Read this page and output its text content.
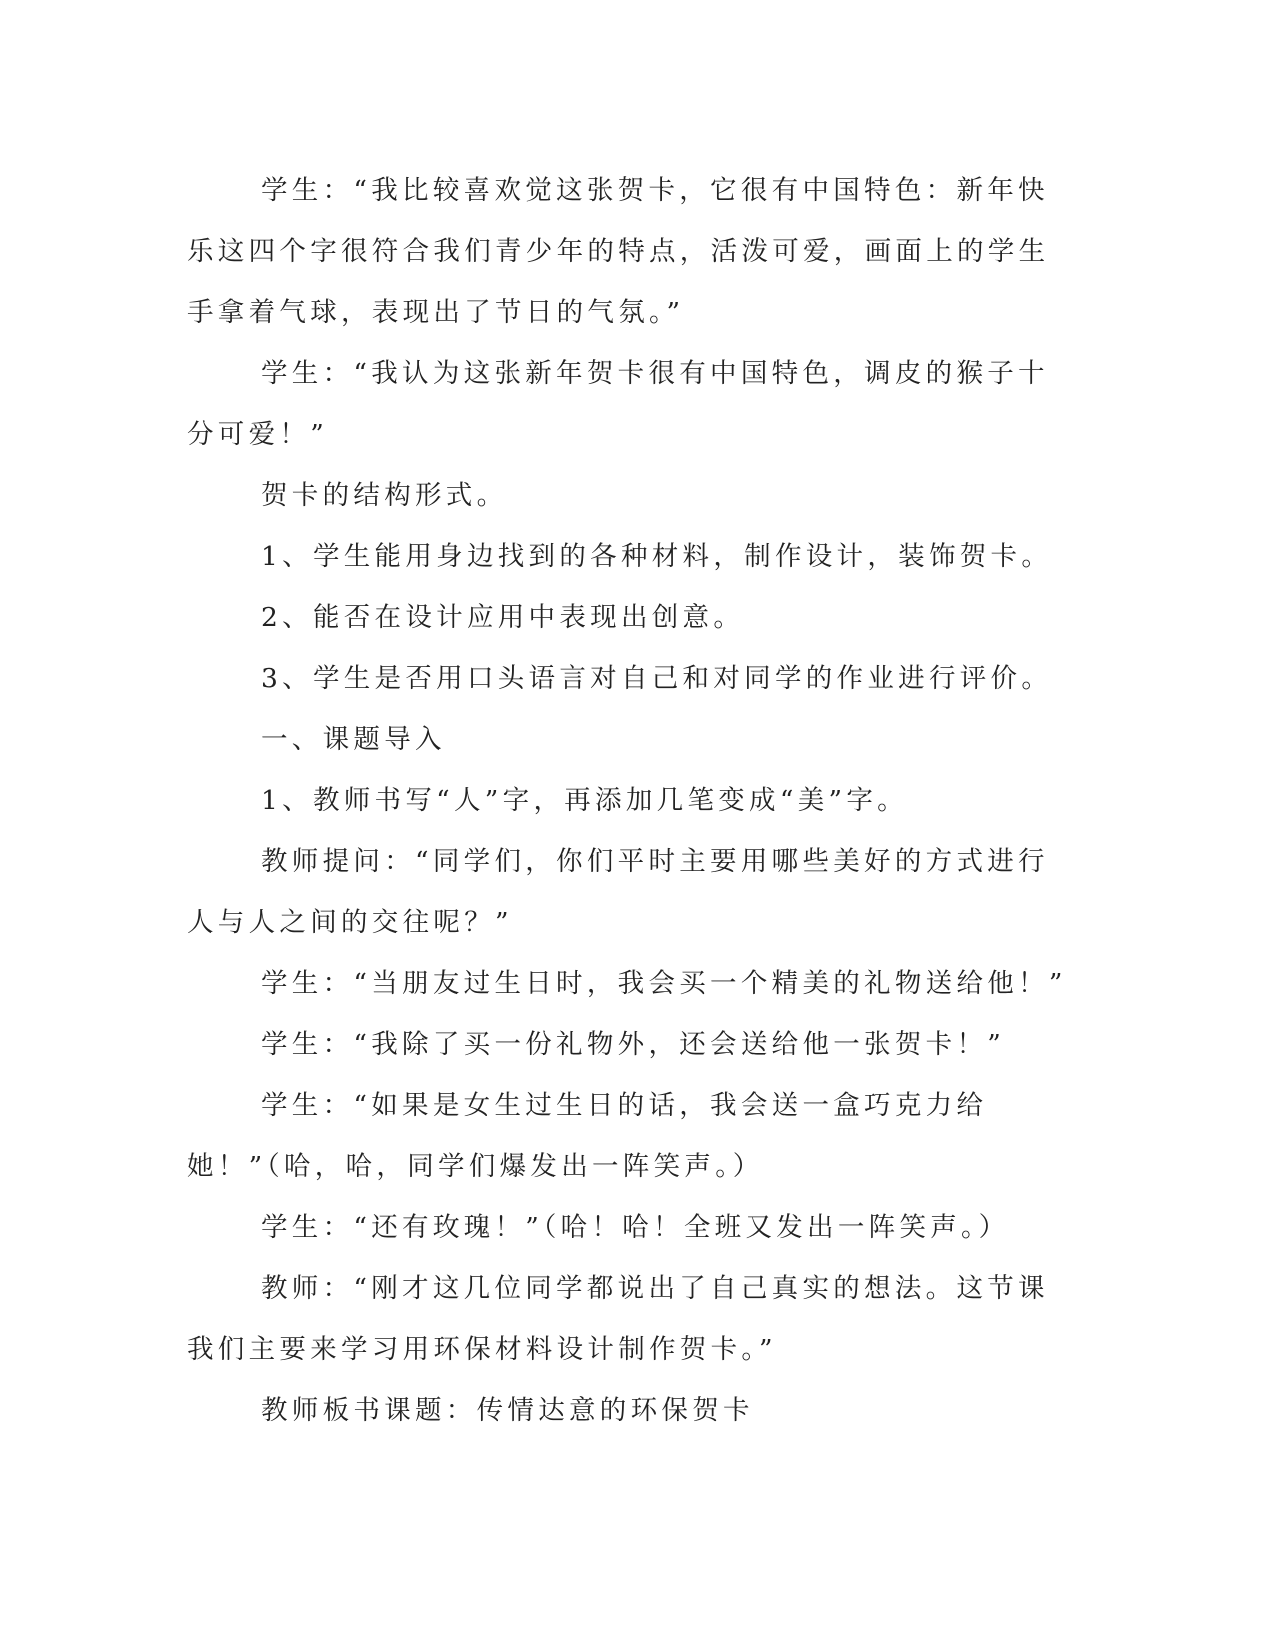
学生：“我比较喜欢觉这张贺卡，它很有中国特色：新年快乐这四个字很符合我们青少年的特点，活泼可爱，画面上的学生手拿着气球，表现出了节日的气氛。”

学生：“我认为这张新年贺卡很有中国特色，调皮的猴子十分可爱！”

贺卡的结构形式。

1、学生能用身边找到的各种材料，制作设计，装饰贺卡。

2、能否在设计应用中表现出创意。

3、学生是否用口头语言对自己和对同学的作业进行评价。

一、课题导入

1、教师书写“人”字，再添加几笔变成“美”字。

教师提问：“同学们，你们平时主要用哪些美好的方式进行人与人之间的交往呢？”

学生：“当朋友过生日时，我会买一个精美的礼物送给他！”

学生：“我除了买一份礼物外，还会送给他一张贺卡！”

学生：“如果是女生过生日的话，我会送一盒巧克力给她！”（哈，哈，同学们爆发出一阵笑声。）

学生：“还有玫瑰！”（哈！哈！全班又发出一阵笑声。）

教师：“刚才这几位同学都说出了自己真实的想法。这节课我们主要来学习用环保材料设计制作贺卡。”

教师板书课题：传情达意的环保贺卡
